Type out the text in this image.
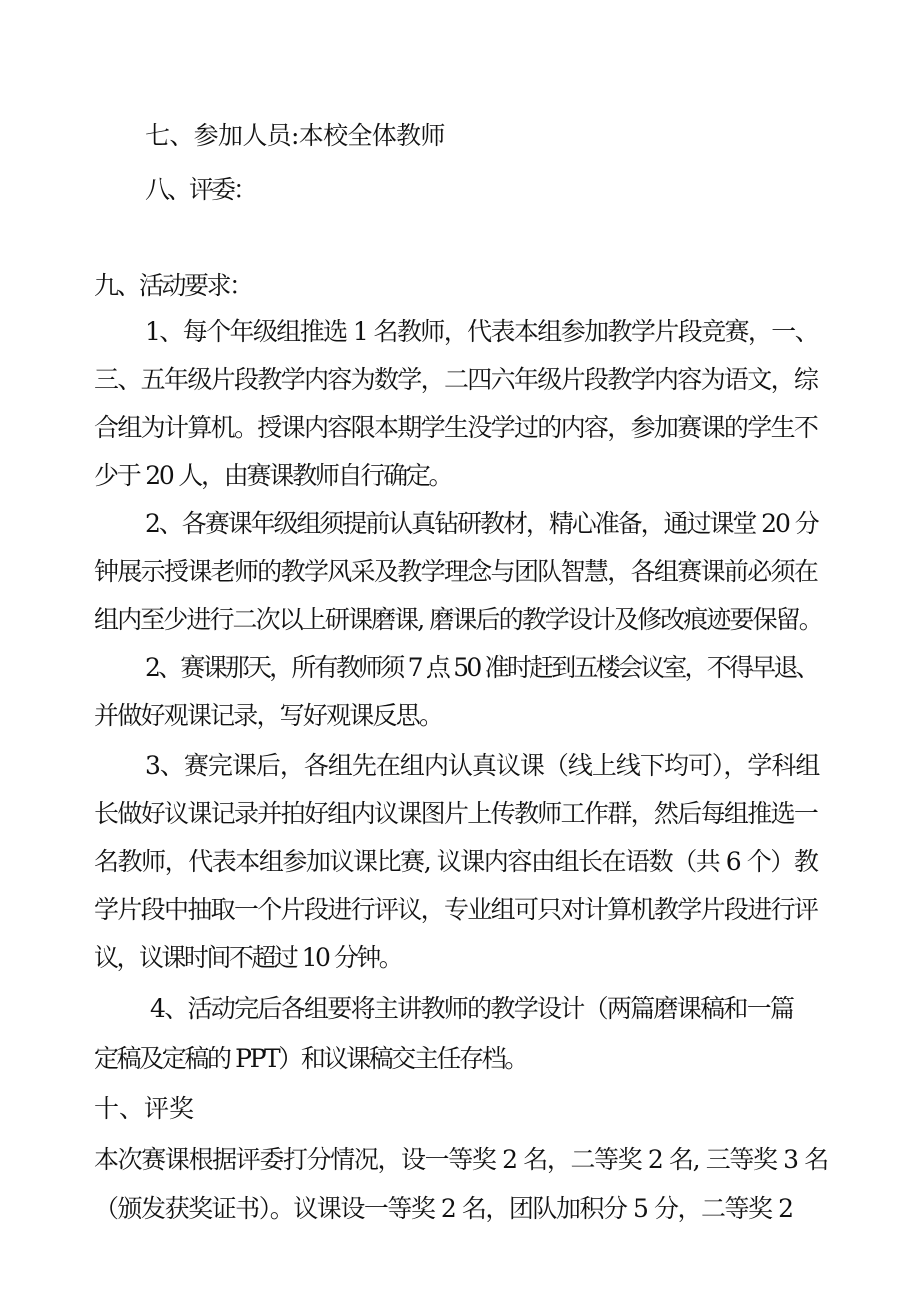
七、参加人员:本校全体教师
八、评委：
九、活动要求：
1、每个年级组推选 1 名教师，代表本组参加教学片段竞赛，一、
三、五年级片段教学内容为数学，二四六年级片段教学内容为语文，综
合组为计算机。授课内容限本期学生没学过的内容，参加赛课的学生不
少于 20 人，由赛课教师自行确定。
2、各赛课年级组须提前认真钻研教材，精心准备，通过课堂 20 分
钟展示授课老师的教学风采及教学理念与团队智慧，各组赛课前必须在
组内至少进行二次以上研课磨课, 磨课后的教学设计及修改痕迹要保留。
2、赛课那天，所有教师须 7 点 50 准时赶到五楼会议室，不得早退、
并做好观课记录，写好观课反思。
3、赛完课后，各组先在组内认真议课（线上线下均可），学科组
长做好议课记录并拍好组内议课图片上传教师工作群，然后每组推选一
名教师，代表本组参加议课比赛, 议课内容由组长在语数（共 6 个）教
学片段中抽取一个片段进行评议，专业组可只对计算机教学片段进行评
议，议课时间不超过 10 分钟。
4、活动完后各组要将主讲教师的教学设计（两篇磨课稿和一篇
定稿及定稿的 PPT）和议课稿交主任存档。
十、评奖
本次赛课根据评委打分情况，设一等奖 2 名，二等奖 2 名, 三等奖 3 名
（颁发获奖证书）。议课设一等奖 2 名，团队加积分 5 分，二等奖 2
